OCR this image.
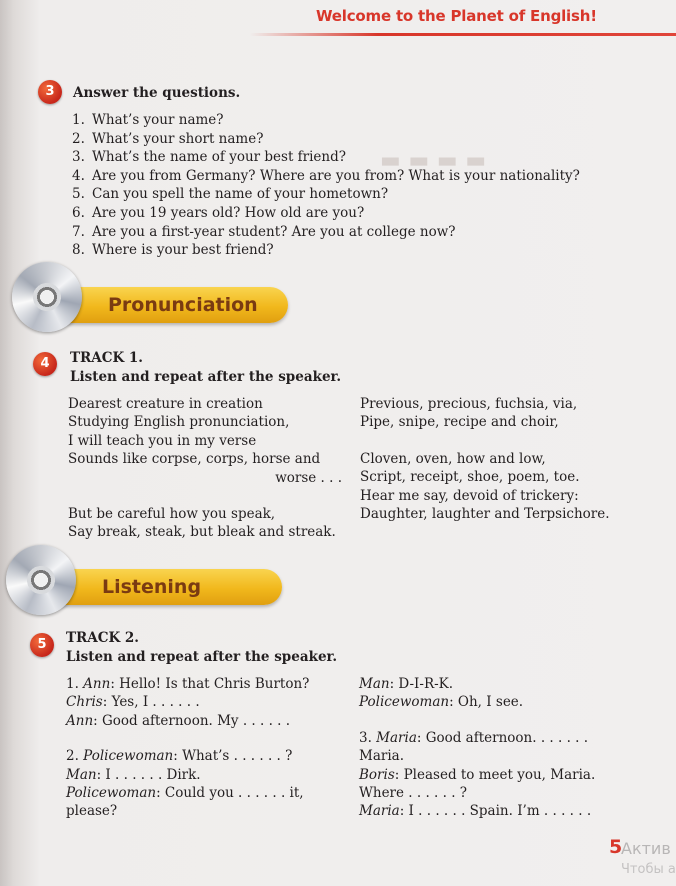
▬ ▬ ▬ ▬
Welcome to the Planet of English!
3	Answer the questions.
1. What’s your name?
2. What’s your short name?
3. What’s the name of your best friend?
4. Are you from Germany? Where are you from? What is your nationality?
5. Can you spell the name of your hometown?
6. Are you 19 years old? How old are you?
7. Are you a first-year student? Are you at college now?
8. Where is your best friend?
Pronunciation
4	TRACK 1.
Listen and repeat after the speaker.
Dearest creature in creation
Studying English pronunciation,
I will teach you in my verse
Sounds like corpse, corps, horse and
worse . . .
But be careful how you speak,
Say break, steak, but bleak and streak.
Previous, precious, fuchsia, via,
Pipe, snipe, recipe and choir,
Cloven, oven, how and low,
Script, receipt, shoe, poem, toe.
Hear me say, devoid of trickery:
Daughter, laughter and Terpsichore.
Listening
5	TRACK 2.
Listen and repeat after the speaker.
1. Ann: Hello! Is that Chris Burton?
Chris: Yes, I . . . . . .
Ann: Good afternoon. My . . . . . .
2. Policewoman: What’s . . . . . . ?
Man: I . . . . . . Dirk.
Policewoman: Could you . . . . . . it,
please?
Man: D-I-R-K.
Policewoman: Oh, I see.
3. Maria: Good afternoon. . . . . . .
Maria.
Boris: Pleased to meet you, Maria.
Where . . . . . . ?
Maria: I . . . . . . Spain. I’m . . . . . .
5
Актив
Чтобы а
